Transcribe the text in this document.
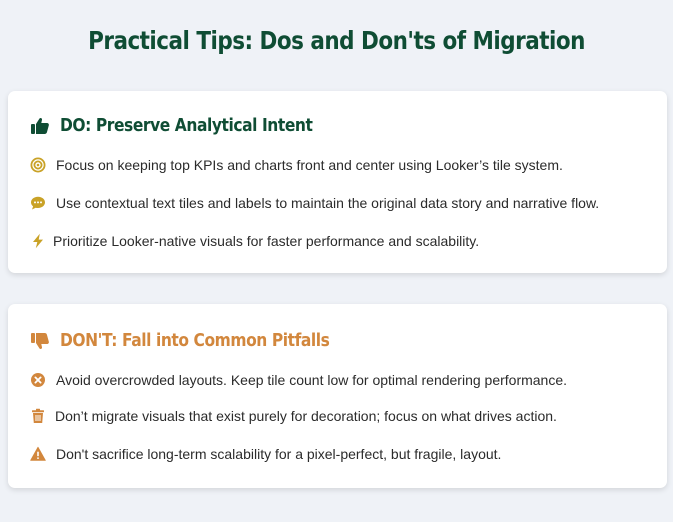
Practical Tips: Dos and Don'ts of Migration
DO: Preserve Analytical Intent
Focus on keeping top KPIs and charts front and center using Looker’s tile system.
Use contextual text tiles and labels to maintain the original data story and narrative flow.
Prioritize Looker-native visuals for faster performance and scalability.
DON'T: Fall into Common Pitfalls
Avoid overcrowded layouts. Keep tile count low for optimal rendering performance.
Don’t migrate visuals that exist purely for decoration; focus on what drives action.
Don't sacrifice long-term scalability for a pixel-perfect, but fragile, layout.
